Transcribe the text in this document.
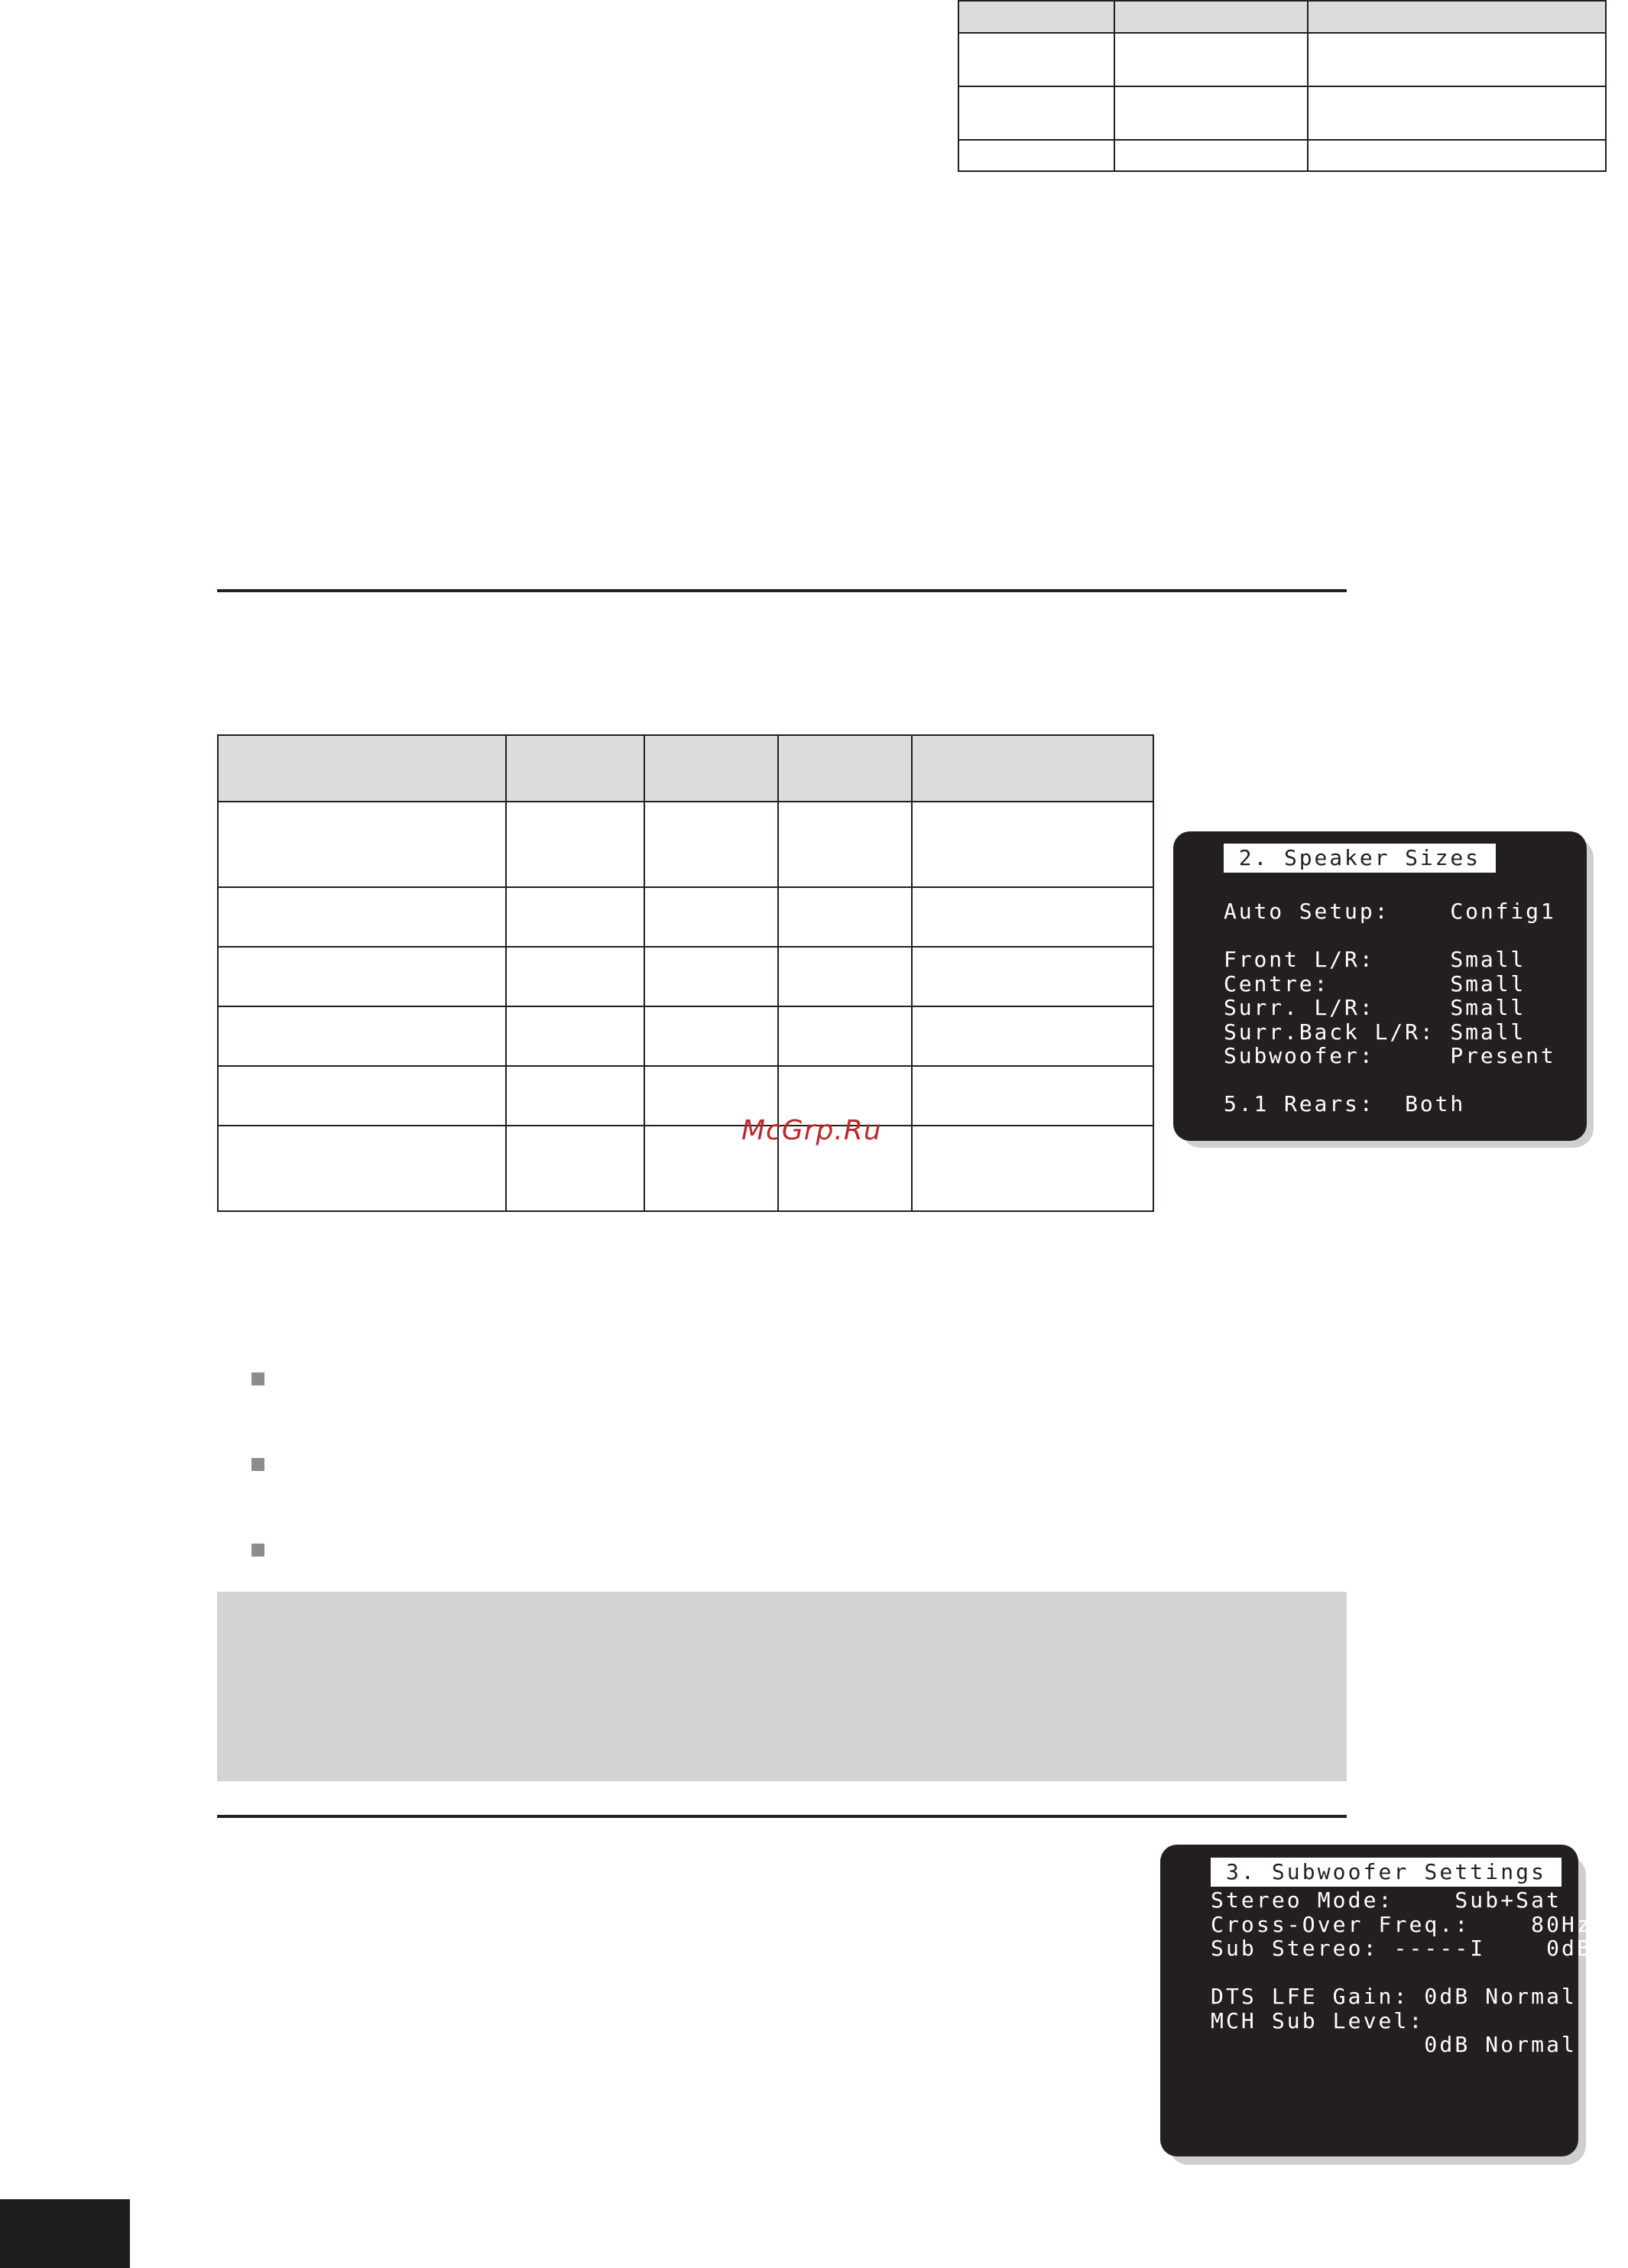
McGrp.Ru
2. Speaker Sizes
Auto Setup:    Config1
Front L/R:     Small
Centre:        Small
Surr. L/R:     Small
Surr.Back L/R: Small
Subwoofer:     Present
5.1 Rears:  Both
3. Subwoofer Settings
Stereo Mode:    Sub+Sat
Cross-Over Freq.:    80Hz
Sub Stereo: -----I    0dB
DTS LFE Gain: 0dB Normal
MCH Sub Level:
0dB Normal
